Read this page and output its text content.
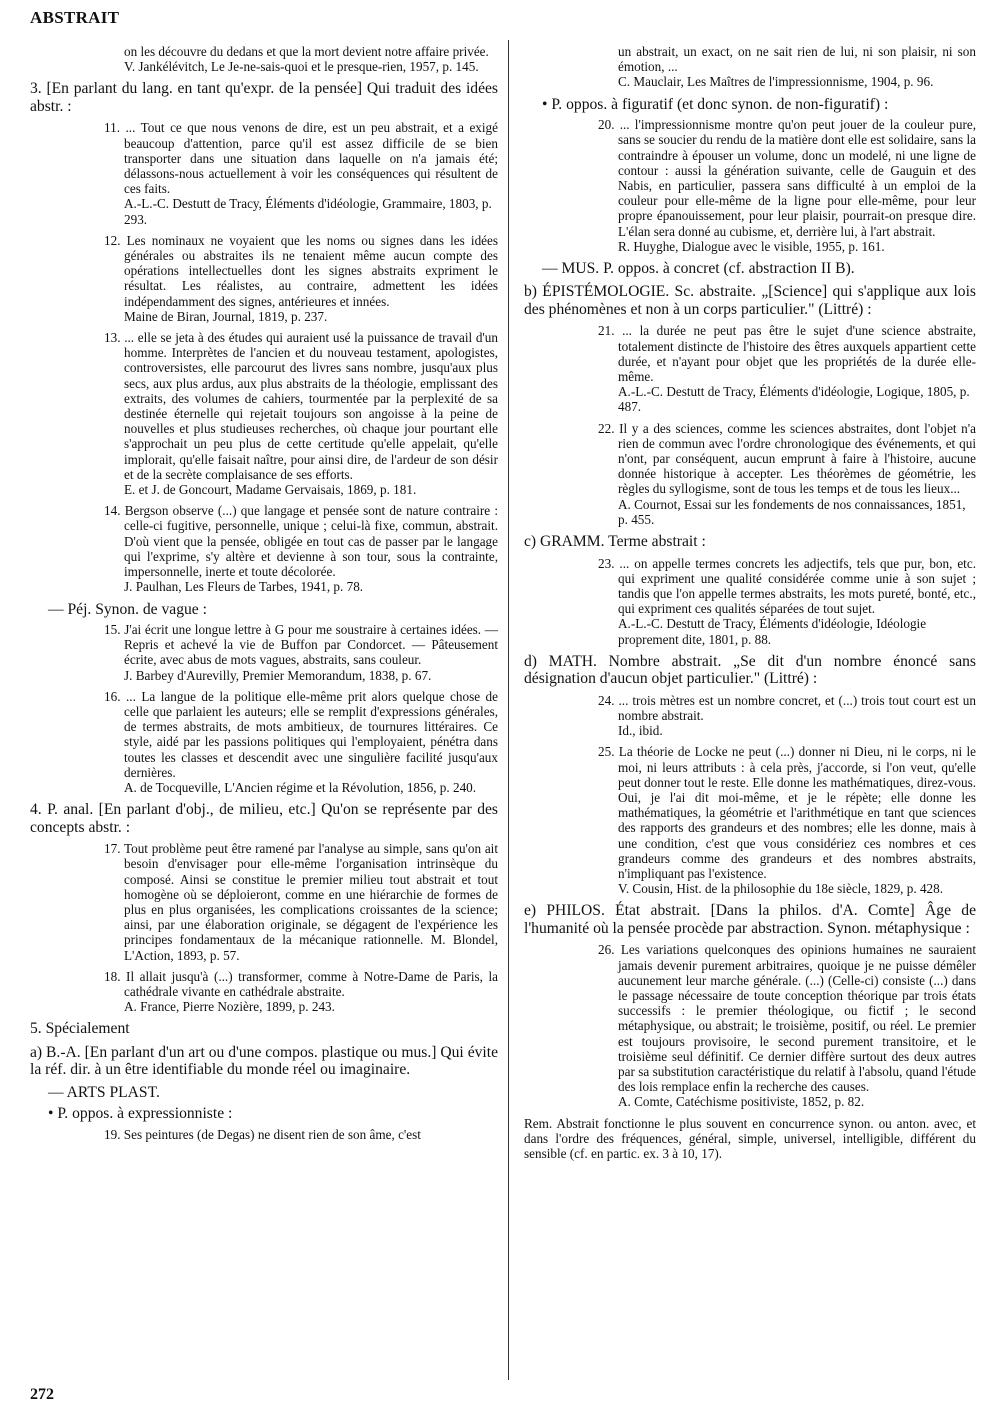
ABSTRAIT
on les découvre du dedans et que la mort devient notre affaire privée.
V. Jankélévitch, Le Je-ne-sais-quoi et le presque-rien, 1957, p. 145.
3. [En parlant du lang. en tant qu'expr. de la pensée] Qui traduit des idées abstr. :
11. ... Tout ce que nous venons de dire, est un peu abstrait, et a exigé beaucoup d'attention, parce qu'il est assez difficile de se bien transporter dans une situation dans laquelle on n'a jamais été; délassons-nous actuellement à voir les conséquences qui résultent de ces faits.
A.-L.-C. Destutt de Tracy, Éléments d'idéologie, Grammaire, 1803, p. 293.
12. Les nominaux ne voyaient que les noms ou signes dans les idées générales ou abstraites ils ne tenaient même aucun compte des opérations intellectuelles dont les signes abstraits expriment le résultat. Les réalistes, au contraire, admettent les idées indépendamment des signes, antérieures et innées.
Maine de Biran, Journal, 1819, p. 237.
13. ... elle se jeta à des études qui auraient usé la puissance de travail d'un homme. Interprètes de l'ancien et du nouveau testament, apologistes, controversistes, elle parcourut des livres sans nombre, jusqu'aux plus secs, aux plus ardus, aux plus abstraits de la théologie, emplissant des extraits, des volumes de cahiers, tourmentée par la perplexité de sa destinée éternelle qui rejetait toujours son angoisse à la peine de nouvelles et plus studieuses recherches, où chaque jour pourtant elle s'approchait un peu plus de cette certitude qu'elle appelait, qu'elle implorait, qu'elle faisait naître, pour ainsi dire, de l'ardeur de son désir et de la secrète complaisance de ses efforts.
E. et J. de Goncourt, Madame Gervaisais, 1869, p. 181.
14. Bergson observe (...) que langage et pensée sont de nature contraire : celle-ci fugitive, personnelle, unique ; celui-là fixe, commun, abstrait. D'où vient que la pensée, obligée en tout cas de passer par le langage qui l'exprime, s'y altère et devienne à son tour, sous la contrainte, impersonnelle, inerte et toute décolorée.
J. Paulhan, Les Fleurs de Tarbes, 1941, p. 78.
— Péj. Synon. de vague :
15. J'ai écrit une longue lettre à G pour me soustraire à certaines idées. — Repris et achevé la vie de Buffon par Condorcet. — Pâteusement écrite, avec abus de mots vagues, abstraits, sans couleur.
J. Barbey d'Aurevilly, Premier Memorandum, 1838, p. 67.
16. ... La langue de la politique elle-même prit alors quelque chose de celle que parlaient les auteurs; elle se remplit d'expressions générales, de termes abstraits, de mots ambitieux, de tournures littéraires. Ce style, aidé par les passions politiques qui l'employaient, pénétra dans toutes les classes et descendit avec une singulière facilité jusqu'aux dernières.
A. de Tocqueville, L'Ancien régime et la Révolution, 1856, p. 240.
4. P. anal. [En parlant d'obj., de milieu, etc.] Qu'on se représente par des concepts abstr. :
17. Tout problème peut être ramené par l'analyse au simple, sans qu'on ait besoin d'envisager pour elle-même l'organisation intrinsèque du composé. Ainsi se constitue le premier milieu tout abstrait et tout homogène où se déploieront, comme en une hiérarchie de formes de plus en plus organisées, les complications croissantes de la science; ainsi, par une élaboration originale, se dégagent de l'expérience les principes fondamentaux de la mécanique rationnelle. M. Blondel, L'Action, 1893, p. 57.
18. Il allait jusqu'à (...) transformer, comme à Notre-Dame de Paris, la cathédrale vivante en cathédrale abstraite.
A. France, Pierre Nozière, 1899, p. 243.
5. Spécialement
a) B.-A. [En parlant d'un art ou d'une compos. plastique ou mus.] Qui évite la réf. dir. à un être identifiable du monde réel ou imaginaire.
— ARTS PLAST.
• P. oppos. à expressionniste :
19. Ses peintures (de Degas) ne disent rien de son âme, c'est
un abstrait, un exact, on ne sait rien de lui, ni son plaisir, ni son émotion, ...
C. Mauclair, Les Maîtres de l'impressionnisme, 1904, p. 96.
• P. oppos. à figuratif (et donc synon. de non-figuratif) :
20. ... l'impressionnisme montre qu'on peut jouer de la couleur pure, sans se soucier du rendu de la matière dont elle est solidaire, sans la contraindre à épouser un volume, donc un modelé, ni une ligne de contour : aussi la génération suivante, celle de Gauguin et des Nabis, en particulier, passera sans difficulté à un emploi de la couleur pour elle-même de la ligne pour elle-même, pour leur propre épanouissement, pour leur plaisir, pourrait-on presque dire. L'élan sera donné au cubisme, et, derrière lui, à l'art abstrait.
R. Huyghe, Dialogue avec le visible, 1955, p. 161.
— MUS. P. oppos. à concret (cf. abstraction II B).
b) ÉPISTÉMOLOGIE. Sc. abstraite. „[Science] qui s'applique aux lois des phénomènes et non à un corps particulier." (Littré) :
21. ... la durée ne peut pas être le sujet d'une science abstraite, totalement distincte de l'histoire des êtres auxquels appartient cette durée, et n'ayant pour objet que les propriétés de la durée elle-même.
A.-L.-C. Destutt de Tracy, Éléments d'idéologie, Logique, 1805, p. 487.
22. Il y a des sciences, comme les sciences abstraites, dont l'objet n'a rien de commun avec l'ordre chronologique des événements, et qui n'ont, par conséquent, aucun emprunt à faire à l'histoire, aucune donnée historique à accepter. Les théorèmes de géométrie, les règles du syllogisme, sont de tous les temps et de tous les lieux...
A. Cournot, Essai sur les fondements de nos connaissances, 1851, p. 455.
c) GRAMM. Terme abstrait :
23. ... on appelle termes concrets les adjectifs, tels que pur, bon, etc. qui expriment une qualité considérée comme unie à son sujet ; tandis que l'on appelle termes abstraits, les mots pureté, bonté, etc., qui expriment ces qualités séparées de tout sujet.
A.-L.-C. Destutt de Tracy, Éléments d'idéologie, Idéologie proprement dite, 1801, p. 88.
d) MATH. Nombre abstrait. „Se dit d'un nombre énoncé sans désignation d'aucun objet particulier." (Littré) :
24. ... trois mètres est un nombre concret, et (...) trois tout court est un nombre abstrait.
Id., ibid.
25. La théorie de Locke ne peut (...) donner ni Dieu, ni le corps, ni le moi, ni leurs attributs : à cela près, j'accorde, si l'on veut, qu'elle peut donner tout le reste. Elle donne les mathématiques, direz-vous. Oui, je l'ai dit moi-même, et je le répète; elle donne les mathématiques, la géométrie et l'arithmétique en tant que sciences des rapports des grandeurs et des nombres; elle les donne, mais à une condition, c'est que vous considériez ces nombres et ces grandeurs comme des grandeurs et des nombres abstraits, n'impliquant pas l'existence.
V. Cousin, Hist. de la philosophie du 18e siècle, 1829, p. 428.
e) PHILOS. État abstrait. [Dans la philos. d'A. Comte] Âge de l'humanité où la pensée procède par abstraction. Synon. métaphysique :
26. Les variations quelconques des opinions humaines ne sauraient jamais devenir purement arbitraires, quoique je ne puisse démêler aucunement leur marche générale. (...) (Celle-ci) consiste (...) dans le passage nécessaire de toute conception théorique par trois états successifs : le premier théologique, ou fictif ; le second métaphysique, ou abstrait; le troisième, positif, ou réel. Le premier est toujours provisoire, le second purement transitoire, et le troisième seul définitif. Ce dernier diffère surtout des deux autres par sa substitution caractéristique du relatif à l'absolu, quand l'étude des lois remplace enfin la recherche des causes.
A. Comte, Catéchisme positiviste, 1852, p. 82.
Rem. Abstrait fonctionne le plus souvent en concurrence synon. ou anton. avec, et dans l'ordre des fréquences, général, simple, universel, intelligible, différent du sensible (cf. en partic. ex. 3 à 10, 17).
272
